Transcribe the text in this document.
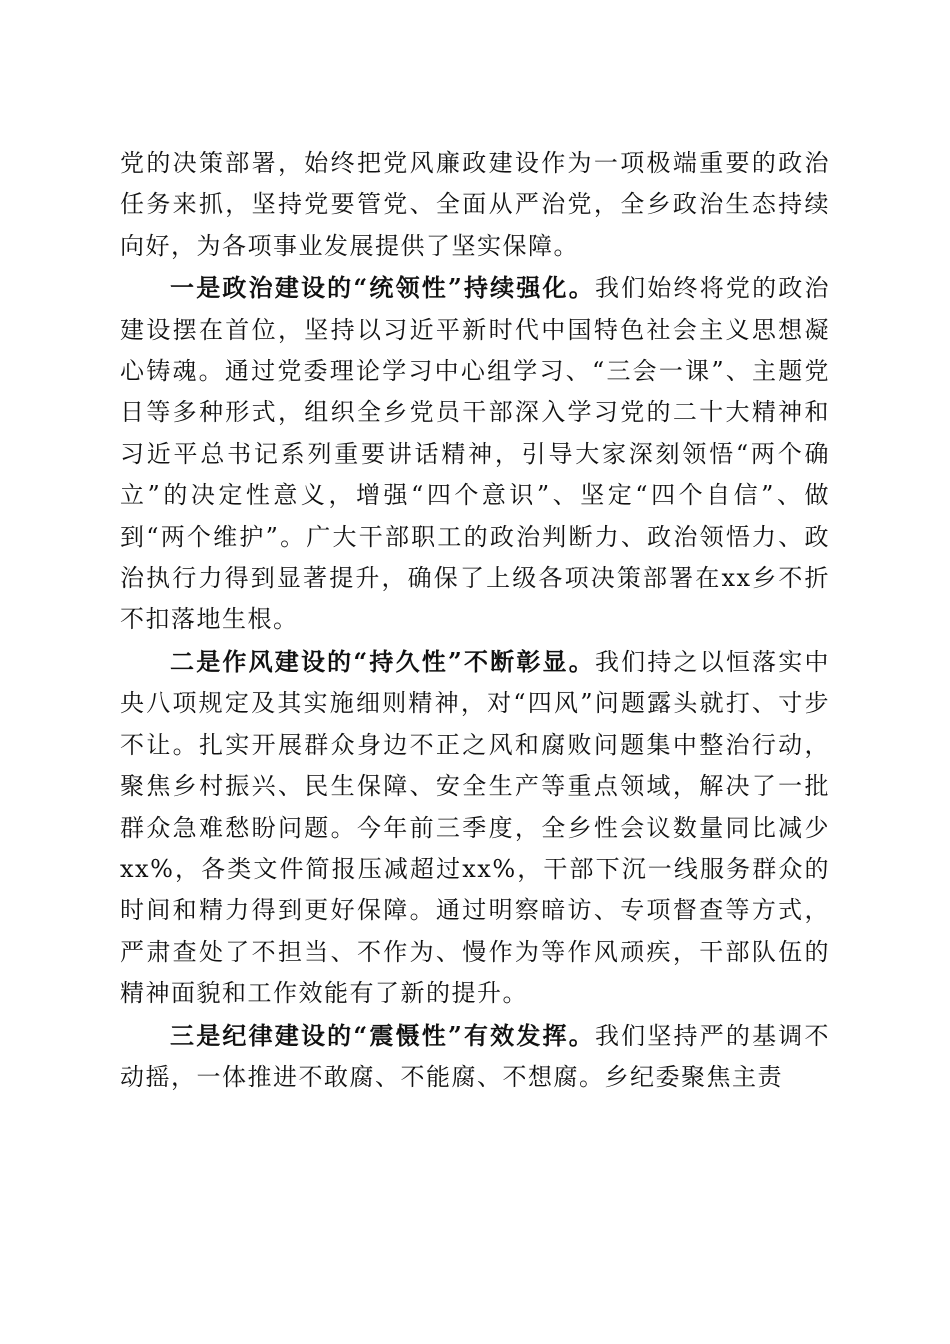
党的决策部署，始终把党风廉政建设作为一项极端重要的政治任务来抓，坚持党要管党、全面从严治党，全乡政治生态持续向好，为各项事业发展提供了坚实保障。

一是政治建设的“统领性”持续强化。我们始终将党的政治建设摆在首位，坚持以习近平新时代中国特色社会主义思想凝心铸魂。通过党委理论学习中心组学习、“三会一课”、主题党日等多种形式，组织全乡党员干部深入学习党的二十大精神和习近平总书记系列重要讲话精神，引导大家深刻领悟“两个确立”的决定性意义，增强“四个意识”、坚定“四个自信”、做到“两个维护”。广大干部职工的政治判断力、政治领悟力、政治执行力得到显著提升，确保了上级各项决策部署在xx乡不折不扣落地生根。

二是作风建设的“持久性”不断彰显。我们持之以恒落实中央八项规定及其实施细则精神，对“四风”问题露头就打、寸步不让。扎实开展群众身边不正之风和腐败问题集中整治行动，聚焦乡村振兴、民生保障、安全生产等重点领域，解决了一批群众急难愁盼问题。今年前三季度，全乡性会议数量同比减少xx%，各类文件简报压减超过xx%，干部下沉一线服务群众的时间和精力得到更好保障。通过明察暗访、专项督查等方式，严肃查处了不担当、不作为、慢作为等作风顽疾，干部队伍的精神面貌和工作效能有了新的提升。

三是纪律建设的“震慑性”有效发挥。我们坚持严的基调不动摇，一体推进不敢腐、不能腐、不想腐。乡纪委聚焦主责
